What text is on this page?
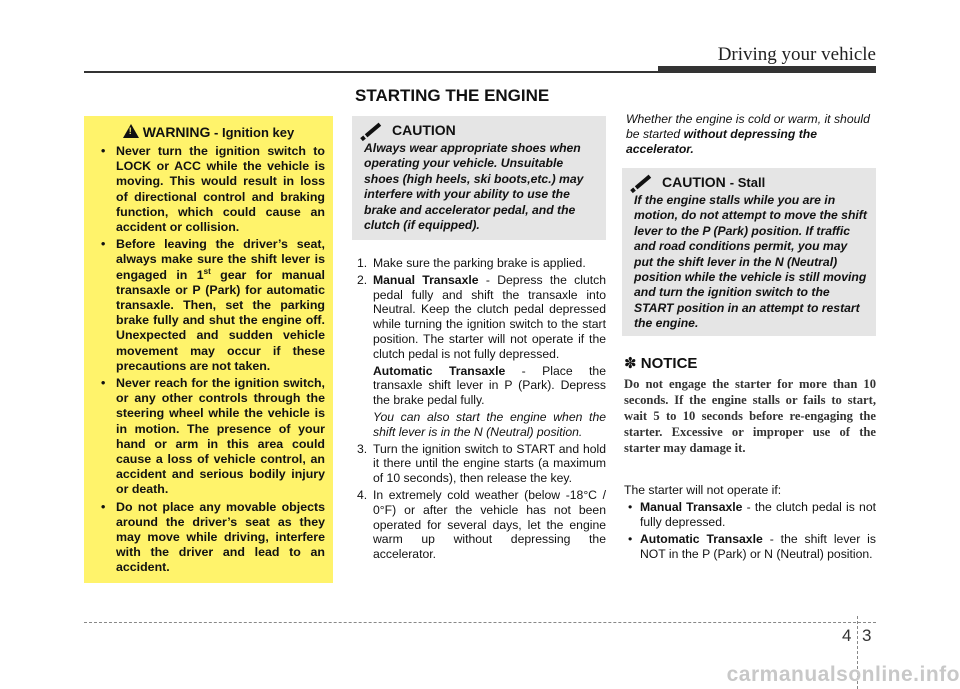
Driving your vehicle
STARTING THE ENGINE
!WARNING - Ignition key
• Never turn the ignition switch to LOCK or ACC while the vehicle is moving. This would result in loss of directional control and braking function, which could cause an accident or collision.
• Before leaving the driver’s seat, always make sure the shift lever is engaged in 1st gear for manual transaxle or P (Park) for automatic transaxle. Then, set the parking brake fully and shut the engine off. Unexpected and sudden vehicle movement may occur if these precautions are not taken.
• Never reach for the ignition switch, or any other controls through the steering wheel while the vehicle is in motion. The presence of your hand or arm in this area could cause a loss of vehicle control, an accident and serious bodily injury or death.
• Do not place any movable objects around the driver’s seat as they may move while driving, interfere with the driver and lead to an accident.
CAUTION
Always wear appropriate shoes when operating your vehicle. Unsuitable shoes (high heels, ski boots,etc.) may interfere with your ability to use the brake and accelerator pedal, and the clutch (if equipped).
1. Make sure the parking brake is applied.
2. Manual Transaxle - Depress the clutch pedal fully and shift the transaxle into Neutral. Keep the clutch pedal depressed while turning the ignition switch to the start position. The starter will not operate if the clutch pedal is not fully depressed.
Automatic Transaxle - Place the transaxle shift lever in P (Park). Depress the brake pedal fully.
You can also start the engine when the shift lever is in the N (Neutral) position.
3. Turn the ignition switch to START and hold it there until the engine starts (a maximum of 10 seconds), then release the key.
4. In extremely cold weather (below -18°C / 0°F) or after the vehicle has not been operated for several days, let the engine warm up without depressing the accelerator.
Whether the engine is cold or warm, it should be started without depressing the accelerator.
CAUTION - Stall
If the engine stalls while you are in motion, do not attempt to move the shift lever to the P (Park) position. If traffic and road conditions permit, you may put the shift lever in the N (Neutral) position while the vehicle is still moving and turn the ignition switch to the START position in an attempt to restart the engine.
✽ NOTICE
Do not engage the starter for more than 10 seconds. If the engine stalls or fails to start, wait 5 to 10 seconds before re-engaging the starter. Excessive or improper use of the starter may damage it.
The starter will not operate if:
• Manual Transaxle - the clutch pedal is not fully depressed.
• Automatic Transaxle - the shift lever is NOT in the P (Park) or N (Neutral) position.
4 3
carmanualsonline.info
